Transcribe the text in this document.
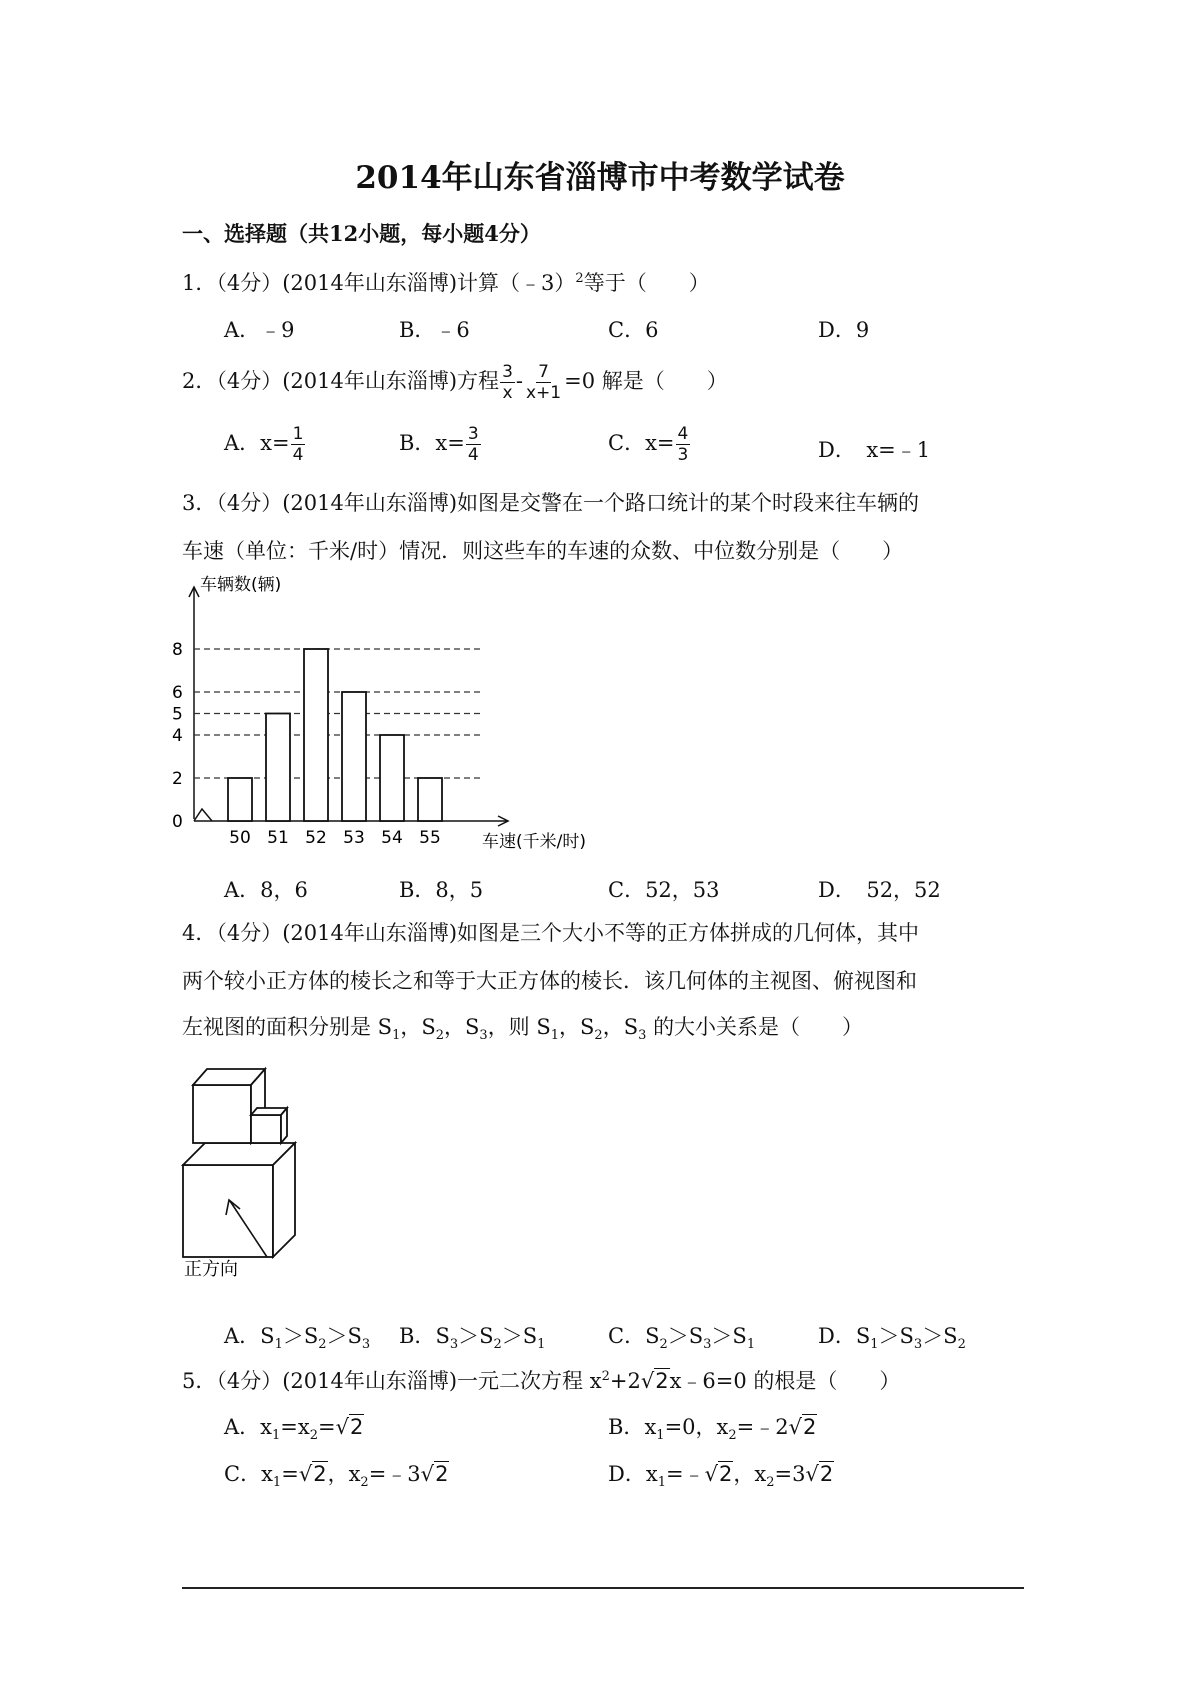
2014年山东省淄博市中考数学试卷
一、选择题（共12小题，每小题4分）
1．（4分）(2014年山东淄博)计算（﹣3）$^2$等于（　　）
A．﹣9	B．﹣6	C．6	D．9
2．（4分）(2014年山东淄博)方程 $\frac{3}{x} - \frac{7}{x+1} =0$ 解是（　　）
A．$x= \frac{1}{4}$	B．$x= \frac{3}{4}$	C．$x= \frac{4}{3}$	D．　x=﹣1
3．（4分）(2014年山东淄博)如图是交警在一个路口统计的某个时段来往车辆的
车速（单位：千米/时）情况．则这些车的车速的众数、中位数分别是（　　）
车辆数(辆)
车速(千米/时)
0
2
4
5
6
8
50 51 52 53 54 55
A．8，6	B．8，5	C．52，53	D．　52，52
4．（4分）(2014年山东淄博)如图是三个大小不等的正方体拼成的几何体，其中
两个较小正方体的棱长之和等于大正方体的棱长．该几何体的主视图、俯视图和
左视图的面积分别是 $S_1$，$S_2$，$S_3$，则 $S_1$，$S_2$，$S_3$ 的大小关系是（　　）
正方向
A．$S_1>S_2>S_3$ B．$S_3>S_2>S_1$	C．$S_2>S_3>S_1$	D．$S_1>S_3>S_2$
5．（4分）(2014年山东淄博)一元二次方程 $x^2+2√2x﹣6=0$ 的根是（　　）
A．$x_1=x_2=√2$	B．$x_1=0$，$x_2=﹣2√2$
C．$x_1=√2$，$x_2=﹣3√2$	D．$x_1=﹣√2$，$x_2=3√2$
